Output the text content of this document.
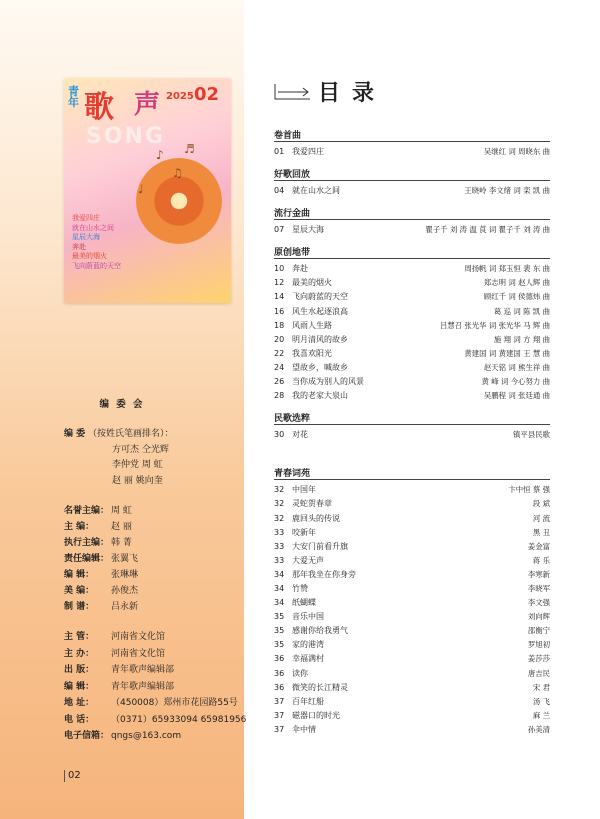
青年 歌 声 2025 02
SONG
♪
♫
♩
♬
我爱四庄
就在山水之间
星辰大海
奔赴
最美的烟火
飞向蔚蓝的天空
编 委 会
编 委 （按姓氏笔画排名）：
方可杰 仝光辉
李仲党 周 虹
赵 丽 姚向奎
名誉主编： 周 虹
主 编： 赵 丽
执行主编： 韩 菁
责任编辑： 张翼飞
编 辑： 张琳琳
美 编： 孙俊杰
制 谱： 吕永新
主 管： 河南省文化馆
主 办： 河南省文化馆
出 版： 青年歌声编辑部
编 辑： 青年歌声编辑部
地 址： （450008）郑州市花园路55号
电 话： （0371）65933094 65981956
电子信箱： qngs@163.com
02
目录
卷首曲
01 我爱四庄	吴继红 词 周晓东 曲
好歌回放
04 就在山水之间	王晓岭 李文绪 词 栾 凯 曲
流行金曲
07 星辰大海	瞿子千 刘 涛 温 莨 词 瞿子千 刘 涛 曲
原创地带
10 奔赴	周扬帆 词 郑玉恒 裴 东 曲
12 最美的烟火	郑志明 词 赵人辉 曲
14 飞向蔚蓝的天空	顾红千 词 侯德炜 曲
16 风生水起逐浪高	葛 巡 词 陈 凯 曲
18 风雨人生路	吕慧召 张光华 词 张光华 马 辉 曲
20 明月清风的故乡	施 翔 词 方 翔 曲
22 我喜欢阳光	黄建国 词 黄建国 王 慧 曲
24 望故乡，喊故乡	赵天铭 词 熊生祥 曲
26 当你成为别人的风景	黄 峰 词 今心努力 曲
28 我的老家大泉山	吴鹏程 词 张廷通 曲
民歌选粹
30 对花	镇平县民歌
青春词苑
32 中国年	卞中恒 蔡 强
32 灵蛇贺春章	段 斌
32 鹿回头的传说	河 流
33 咬新年	黑 丑
33 大安门前看升旗	姜金富
33 大爱无声	蒋 乐
34 那年我坐在你身旁	李寒新
34 竹赞	李晓军
34 纸蝴蝶	李文强
35 音乐中国	刘向辉
35 感谢你给我勇气	邵衡宁
35 家的港湾	罗旭初
36 幸福满村	姜莎莎
36 读你	唐吉民
36 微笑的长江精灵	宋 君
37 百年红船	汤 飞
37 磁器口的时光	麻 兰
37 伞中情	孙美清
